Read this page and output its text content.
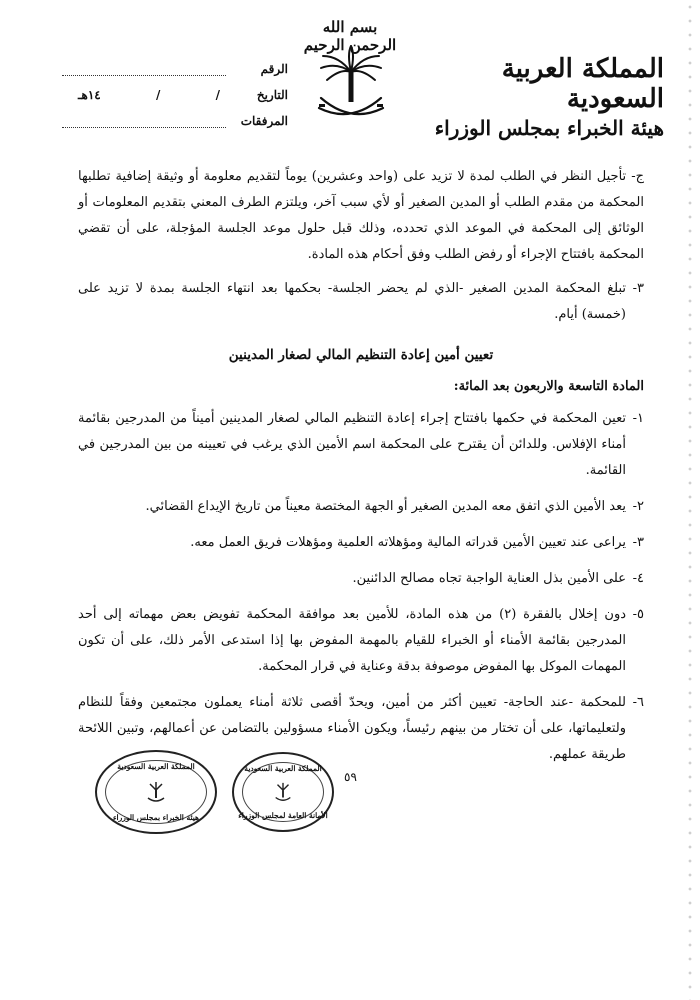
بسم الله الرحمن الرحيم
المملكة العربية السعودية
هيئة الخبراء بمجلس الوزراء
الرقم
التاريخ
/
/
١٤هـ
المرفقات

ج- تأجيل النظر في الطلب لمدة لا تزيد على (واحد وعشرين) يوماً لتقديم معلومة أو وثيقة إضافية تطلبها المحكمة من مقدم الطلب أو المدين الصغير أو لأي سبب آخر، ويلتزم الطرف المعني بتقديم المعلومات أو الوثائق إلى المحكمة في الموعد الذي تحدده، وذلك قبل حلول موعد الجلسة المؤجلة، على أن تقضي المحكمة بافتتاح الإجراء أو رفض الطلب وفق أحكام هذه المادة.

٣-
تبلغ المحكمة المدين الصغير -الذي لم يحضر الجلسة- بحكمها بعد انتهاء الجلسة بمدة لا تزيد على (خمسة) أيام.
تعيين أمين إعادة التنظيم المالي لصغار المدينين
المادة التاسعة والاربعون بعد المائة:
١-
تعين المحكمة في حكمها بافتتاح إجراء إعادة التنظيم المالي لصغار المدينين أميناً من المدرجين بقائمة أمناء الإفلاس. وللدائن أن يقترح على المحكمة اسم الأمين الذي يرغب في تعيينه من بين المدرجين في القائمة.
٢-
يعد الأمين الذي اتفق معه المدين الصغير أو الجهة المختصة معيناً من تاريخ الإيداع القضائي.
٣-
يراعى عند تعيين الأمين قدراته المالية ومؤهلاته العلمية ومؤهلات فريق العمل معه.
٤-
على الأمين بذل العناية الواجبة تجاه مصالح الدائنين.
٥-
دون إخلال بالفقرة (٢) من هذه المادة، للأمين بعد موافقة المحكمة تفويض بعض مهماته إلى أحد المدرجين بقائمة الأمناء أو الخبراء للقيام بالمهمة المفوض بها إذا استدعى الأمر ذلك، على أن تكون المهمات الموكل بها المفوض موصوفة بدقة وعناية في قرار المحكمة.
٦-
للمحكمة -عند الحاجة- تعيين أكثر من أمين، ويحدّ أقصى ثلاثة أمناء يعملون مجتمعين وفقاً للنظام ولتعليماتها، على أن تختار من بينهم رئيساً، ويكون الأمناء مسؤولين بالتضامن عن أعمالهم، وتبين اللائحة طريقة عملهم.
المملكة العربية السعودية
هيئة الخبراء بمجلس الوزراء
المملكة العربية السعودية
الأمانة العامة لمجلس الوزراء
٥٩
